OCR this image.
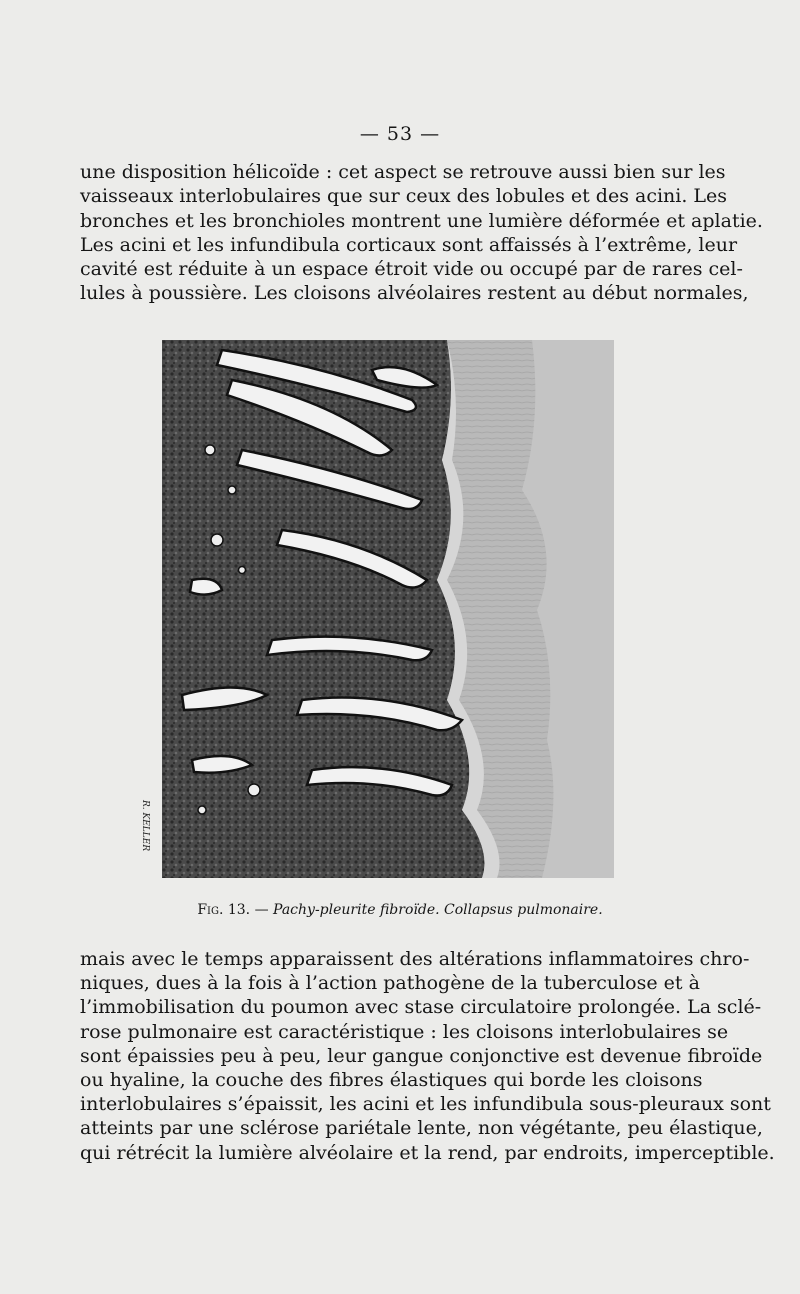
— 53 —
une disposition hélicoïde : cet aspect se retrouve aussi bien sur les
vaisseaux interlobulaires que sur ceux des lobules et des acini. Les
bronches et les bronchioles montrent une lumière déformée et aplatie.
Les acini et les infundibula corticaux sont affaissés à l’extrême, leur
cavité est réduite à un espace étroit vide ou occupé par de rares cel-
lules à poussière. Les cloisons alvéolaires restent au début normales,
R. KELLER
Fig. 13. — Pachy-pleurite fibroïde. Collapsus pulmonaire.
mais avec le temps apparaissent des altérations inflammatoires chro-
niques, dues à la fois à l’action pathogène de la tuberculose et à
l’immobilisation du poumon avec stase circulatoire prolongée. La sclé-
rose pulmonaire est caractéristique : les cloisons interlobulaires se
sont épaissies peu à peu, leur gangue conjonctive est devenue fibroïde
ou hyaline, la couche des fibres élastiques qui borde les cloisons
interlobulaires s’épaissit, les acini et les infundibula sous-pleuraux sont
atteints par une sclérose pariétale lente, non végétante, peu élastique,
qui rétrécit la lumière alvéolaire et la rend, par endroits, imperceptible.
